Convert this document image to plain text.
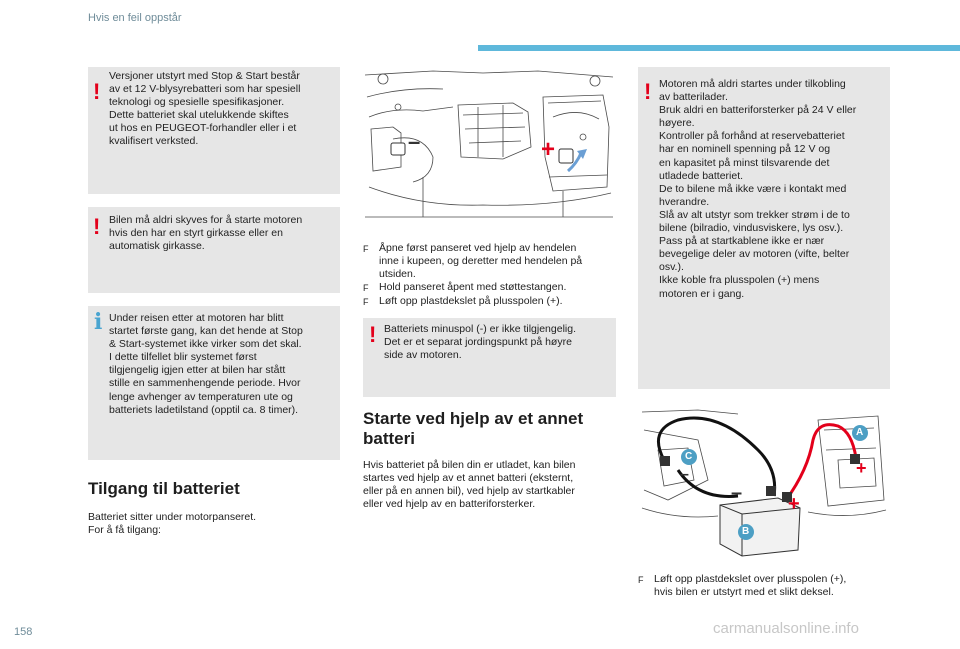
Hvis en feil oppstår
!
Versjoner utstyrt med Stop & Start består
av et 12 V-blysyrebatteri som har spesiell
teknologi og spesielle spesifikasjoner.
Dette batteriet skal utelukkende skiftes
ut hos en PEUGEOT-forhandler eller i et
kvalifisert verksted.
! Bilen må aldri skyves for å starte motoren
hvis den har en styrt girkasse eller en
automatisk girkasse.
i Under reisen etter at motoren har blitt
startet første gang, kan det hende at Stop
& Start-systemet ikke virker som det skal.
I dette tilfellet blir systemet først
tilgjengelig igjen etter at bilen har stått
stille en sammenhengende periode. Hvor
lenge avhenger av temperaturen ute og
batteriets ladetilstand (opptil ca. 8 timer).
Tilgang til batteriet
Batteriet sitter under motorpanseret.
For å få tilgang:
–	+
F	Åpne først panseret ved hjelp av hendelen
inne i kupeen, og deretter med hendelen på
utsiden.
F	Hold panseret åpent med støttestangen.
F	Løft opp plastdekslet på plusspolen (+).
! Batteriets minuspol (-) er ikke tilgjengelig.
Det er et separat jordingspunkt på høyre
side av motoren.
Starte ved hjelp av et annet
batteri
Hvis batteriet på bilen din er utladet, kan bilen
startes ved hjelp av et annet batteri (eksternt,
eller på en annen bil), ved hjelp av startkabler
eller ved hjelp av en batteriforsterker.
! Motoren må aldri startes under tilkobling
av batterilader.
Bruk aldri en batteriforsterker på 24 V eller
høyere.
Kontroller på forhånd at reservebatteriet
har en nominell spenning på 12 V og
en kapasitet på minst tilsvarende det
utladede batteriet.
De to bilene må ikke være i kontakt med
hverandre.
Slå av alt utstyr som trekker strøm i de to
bilene (bilradio, vindusviskere, lys osv.).
Pass på at startkablene ikke er nær
bevegelige deler av motoren (vifte, belter
osv.).
Ikke koble fra plusspolen (+) mens
motoren er i gang.
A
B
C
– +
+
–
F	Løft opp plastdekslet over plusspolen (+),
hvis bilen er utstyrt med et slikt deksel.
158	carmanualsonline.info
